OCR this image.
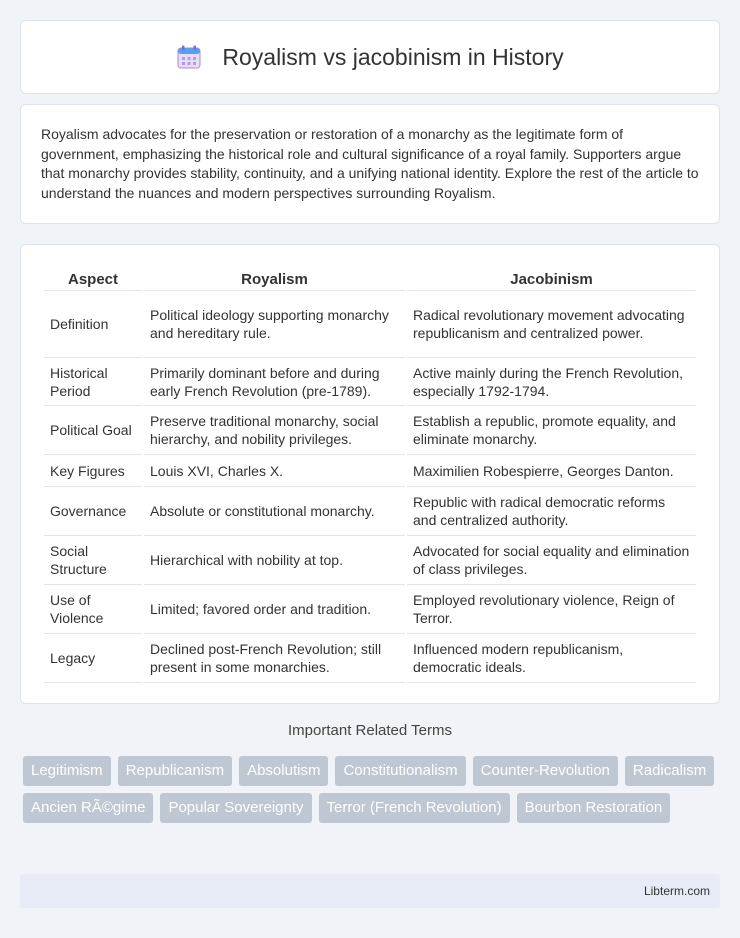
Royalism vs jacobinism in History

Royalism advocates for the preservation or restoration of a monarchy as the legitimate form of government, emphasizing the historical role and cultural significance of a royal family. Supporters argue that monarchy provides stability, continuity, and a unifying national identity. Explore the rest of the article to understand the nuances and modern perspectives surrounding Royalism.

Aspect	Royalism	Jacobinism
Definition	Political ideology supporting monarchy and hereditary rule.	Radical revolutionary movement advocating republicanism and centralized power.
Historical Period	Primarily dominant before and during early French Revolution (pre-1789).	Active mainly during the French Revolution, especially 1792-1794.
Political Goal	Preserve traditional monarchy, social hierarchy, and nobility privileges.	Establish a republic, promote equality, and eliminate monarchy.
Key Figures	Louis XVI, Charles X.	Maximilien Robespierre, Georges Danton.
Governance	Absolute or constitutional monarchy.	Republic with radical democratic reforms and centralized authority.
Social Structure	Hierarchical with nobility at top.	Advocated for social equality and elimination of class privileges.
Use of Violence	Limited; favored order and tradition.	Employed revolutionary violence, Reign of Terror.
Legacy	Declined post-French Revolution; still present in some monarchies.	Influenced modern republicanism, democratic ideals.
Important Related Terms
Legitimism	Republicanism	Absolutism	Constitutionalism	Counter-Revolution	Radicalism
Ancien RÃ©gime	Popular Sovereignty	Terror (French Revolution)	Bourbon Restoration
Libterm.com
